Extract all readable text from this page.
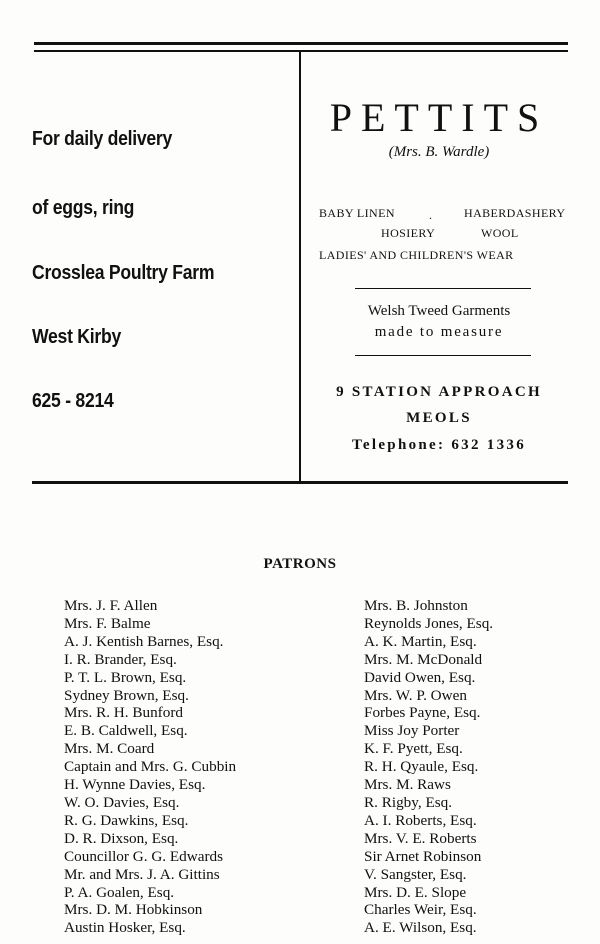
For daily delivery
of eggs, ring
Crosslea Poultry Farm
West Kirby
625 - 8214
PETTITS
(Mrs. B. Wardle)
BABY LINEN	.	HABERDASHERY
HOSIERY	WOOL
LADIES' AND CHILDREN'S WEAR
Welsh Tweed Garments
made to measure
9 STATION APPROACH
MEOLS
Telephone: 632 1336
PATRONS
Mrs. J. F. Allen
Mrs. F. Balme
A. J. Kentish Barnes, Esq.
I. R. Brander, Esq.
P. T. L. Brown, Esq.
Sydney Brown, Esq.
Mrs. R. H. Bunford
E. B. Caldwell, Esq.
Mrs. M. Coard
Captain and Mrs. G. Cubbin
H. Wynne Davies, Esq.
W. O. Davies, Esq.
R. G. Dawkins, Esq.
D. R. Dixson, Esq.
Councillor G. G. Edwards
Mr. and Mrs. J. A. Gittins
P. A. Goalen, Esq.
Mrs. D. M. Hobkinson
Austin Hosker, Esq.
Mrs. B. Johnston
Reynolds Jones, Esq.
A. K. Martin, Esq.
Mrs. M. McDonald
David Owen, Esq.
Mrs. W. P. Owen
Forbes Payne, Esq.
Miss Joy Porter
K. F. Pyett, Esq.
R. H. Qyaule, Esq.
Mrs. M. Raws
R. Rigby, Esq.
A. I. Roberts, Esq.
Mrs. V. E. Roberts
Sir Arnet Robinson
V. Sangster, Esq.
Mrs. D. E. Slope
Charles Weir, Esq.
A. E. Wilson, Esq.
